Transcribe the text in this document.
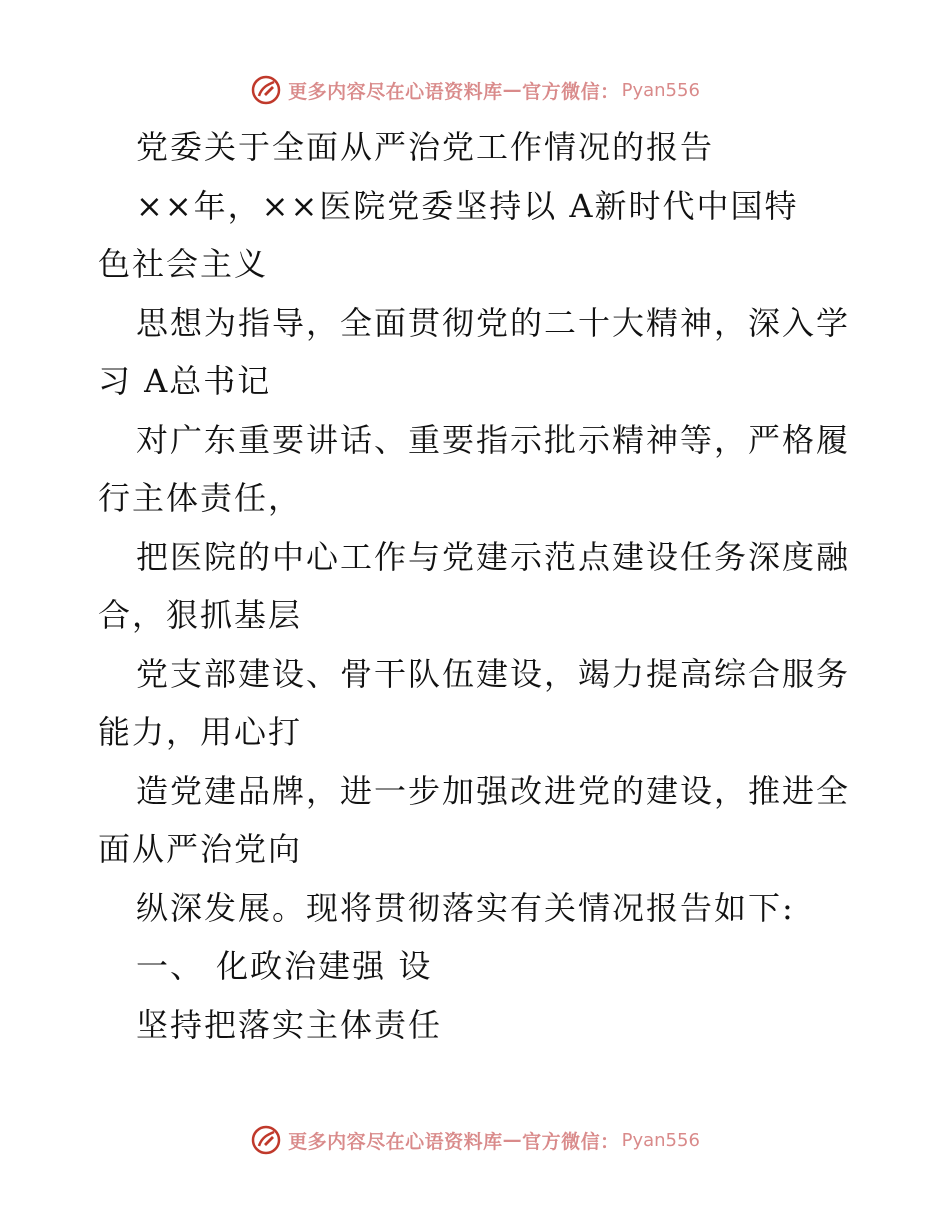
更多内容尽在心语资料库 — 官方微信： Pyan556
党委关于全面从严治党工作情况的报告
××年，××医院党委坚持以 A新时代中国特
色社会主义
思想为指导，全面贯彻党的二十大精神，深入学
习 A总书记
对广东重要讲话、重要指示批示精神等，严格履
行主体责任，
把医院的中心工作与党建示范点建设任务深度融
合，狠抓基层
党支部建设、骨干队伍建设，竭力提高综合服务
能力，用心打
造党建品牌，进一步加强改进党的建设，推进全
面从严治党向
纵深发展。现将贯彻落实有关情况报告如下:
一、 化政治建强 设
坚持把落实主体责任
更多内容尽在心语资料库 — 官方微信： Pyan556
